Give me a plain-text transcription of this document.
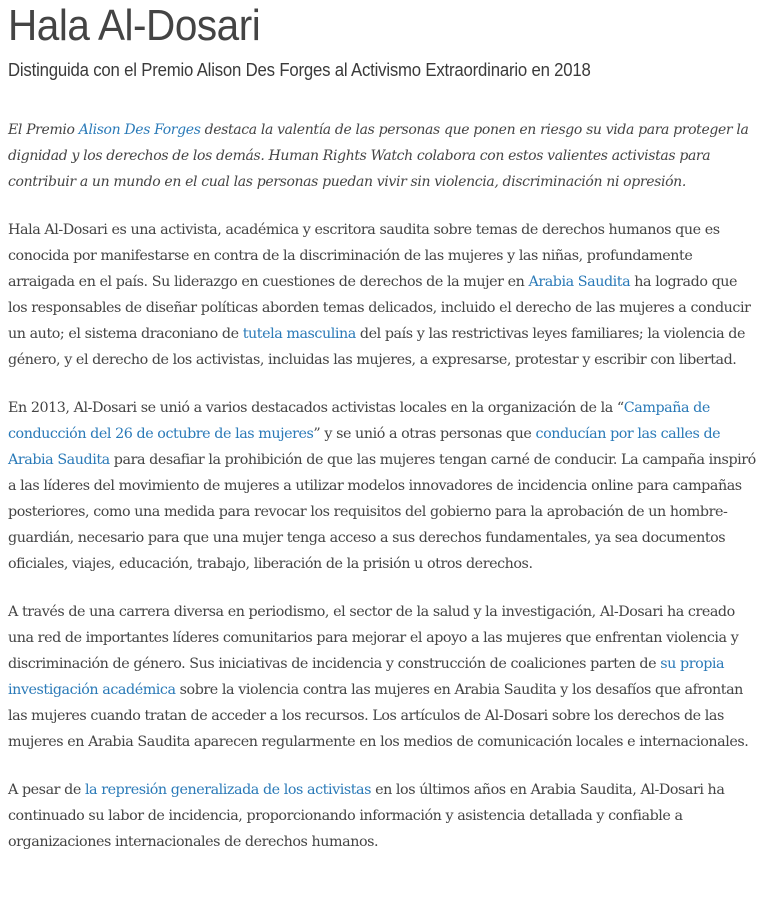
Hala Al-Dosari
Distinguida con el Premio Alison Des Forges al Activismo Extraordinario en 2018

El Premio Alison Des Forges destaca la valentía de las personas que ponen en riesgo su vida para proteger la dignidad y los derechos de los demás. Human Rights Watch colabora con estos valientes activistas para contribuir a un mundo en el cual las personas puedan vivir sin violencia, discriminación ni opresión.

Hala Al-Dosari es una activista, académica y escritora saudita sobre temas de derechos humanos que es conocida por manifestarse en contra de la discriminación de las mujeres y las niñas, profundamente arraigada en el país. Su liderazgo en cuestiones de derechos de la mujer en Arabia Saudita ha logrado que los responsables de diseñar políticas aborden temas delicados, incluido el derecho de las mujeres a conducir un auto; el sistema draconiano de tutela masculina del país y las restrictivas leyes familiares; la violencia de género, y el derecho de los activistas, incluidas las mujeres, a expresarse, protestar y escribir con libertad.

En 2013, Al-Dosari se unió a varios destacados activistas locales en la organización de la “Campaña de conducción del 26 de octubre de las mujeres” y se unió a otras personas que conducían por las calles de Arabia Saudita para desafiar la prohibición de que las mujeres tengan carné de conducir. La campaña inspiró a las líderes del movimiento de mujeres a utilizar modelos innovadores de incidencia online para campañas posteriores, como una medida para revocar los requisitos del gobierno para la aprobación de un hombre-guardián, necesario para que una mujer tenga acceso a sus derechos fundamentales, ya sea documentos oficiales, viajes, educación, trabajo, liberación de la prisión u otros derechos.

A través de una carrera diversa en periodismo, el sector de la salud y la investigación, Al-Dosari ha creado una red de importantes líderes comunitarios para mejorar el apoyo a las mujeres que enfrentan violencia y discriminación de género. Sus iniciativas de incidencia y construcción de coaliciones parten de su propia investigación académica sobre la violencia contra las mujeres en Arabia Saudita y los desafíos que afrontan las mujeres cuando tratan de acceder a los recursos. Los artículos de Al-Dosari sobre los derechos de las mujeres en Arabia Saudita aparecen regularmente en los medios de comunicación locales e internacionales.

A pesar de la represión generalizada de los activistas en los últimos años en Arabia Saudita, Al-Dosari ha continuado su labor de incidencia, proporcionando información y asistencia detallada y confiable a organizaciones internacionales de derechos humanos.
